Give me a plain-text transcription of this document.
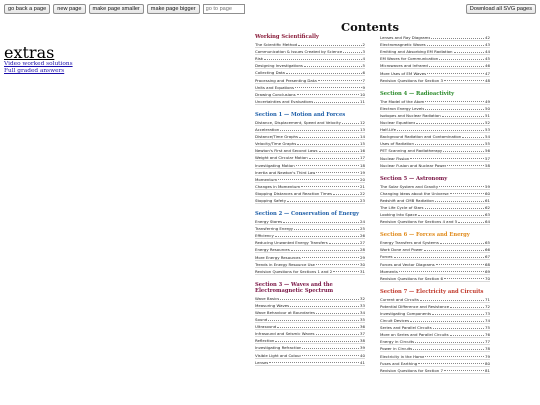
go back a page	new page	make page smaller	make page bigger
go to page	Download all SVG pages
extras
Video worked solutions
Full graded answers
Contents
Working Scientifically
The Scientific Method	2
Communication & Issues Created by Science	3
Risk	4
Designing Investigations	5
Collecting Data	6
Processing and Presenting Data	7
Units and Equations	9
Drawing Conclusions	10
Uncertainties and Evaluations	11
Section 1 — Motion and Forces
Distance, Displacement, Speed and Velocity	12
Acceleration	13
Distance/Time Graphs	14
Velocity/Time Graphs	15
Newton's First and Second Laws	16
Weight and Circular Motion	17
Investigating Motion	18
Inertia and Newton's Third Law	19
Momentum	20
Changes in Momentum	21
Stopping Distances and Reaction Times	22
Stopping Safety	23
Section 2 — Conservation of Energy
Energy Stores	24
Transferring Energy	25
Efficiency	26
Reducing Unwanted Energy Transfers	27
Energy Resources	28
More Energy Resources	29
Trends in Energy Resource Use	30
Revision Questions for Sections 1 and 2	31
Section 3 — Waves and the Electromagnetic Spectrum
Wave Basics	32
Measuring Waves	33
Wave Behaviour at Boundaries	34
Sound	35
Ultrasound	36
Infrasound and Seismic Waves	37
Reflection	38
Investigating Refraction	39
Visible Light and Colour	40
Lenses	41
Lenses and Ray Diagrams	42
Electromagnetic Waves	43
Emitting and Absorbing EM Radiation	44
EM Waves for Communication	45
Microwaves and Infrared	46
More Uses of EM Waves	47
Revision Questions for Section 3	48
Section 4 — Radioactivity
The Model of the Atom	49
Electron Energy Levels	50
Isotopes and Nuclear Radiation	51
Nuclear Equations	52
Half-Life	53
Background Radiation and Contamination	54
Uses of Radiation	55
PET Scanning and Radiotherapy	56
Nuclear Fission	57
Nuclear Fusion and Nuclear Power	58
Section 5 — Astronomy
The Solar System and Gravity	59
Changing Ideas about the Universe	60
Redshift and CMB Radiation	61
The Life Cycle of Stars	62
Looking Into Space	63
Revision Questions for Sections 4 and 5	64
Section 6 — Forces and Energy
Energy Transfers and Systems	65
Work Done and Power	66
Forces	67
Forces and Vector Diagrams	68
Moments	69
Revision Questions for Section 6	70
Section 7 — Electricity and Circuits
Current and Circuits	71
Potential Difference and Resistance	72
Investigating Components	73
Circuit Devices	74
Series and Parallel Circuits	75
More on Series and Parallel Circuits	76
Energy in Circuits	77
Power in Circuits	78
Electricity in the Home	79
Fuses and Earthing	80
Revision Questions for Section 7	81
